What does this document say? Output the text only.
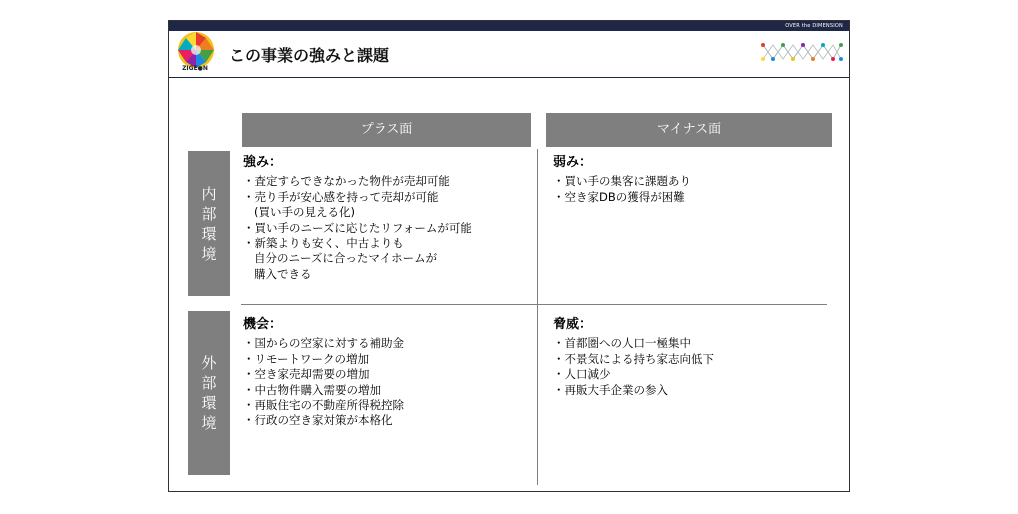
OVER the DIMENSION
ZIGE●N
この事業の強みと課題
プラス面	マイナス面
内部環境
外部環境
強み：
・査定すらできなかった物件が売却可能
・売り手が安心感を持って売却が可能
(買い手の見える化)
・買い手のニーズに応じたリフォームが可能
・新築よりも安く、中古よりも
自分のニーズに合ったマイホームが
購入できる
弱み：
・買い手の集客に課題あり
・空き家DBの獲得が困難
機会：
・国からの空家に対する補助金
・リモートワークの増加
・空き家売却需要の増加
・中古物件購入需要の増加
・再販住宅の不動産所得税控除
・行政の空き家対策が本格化
脅威：
・首都圏への人口一極集中
・不景気による持ち家志向低下
・人口減少
・再販大手企業の参入
